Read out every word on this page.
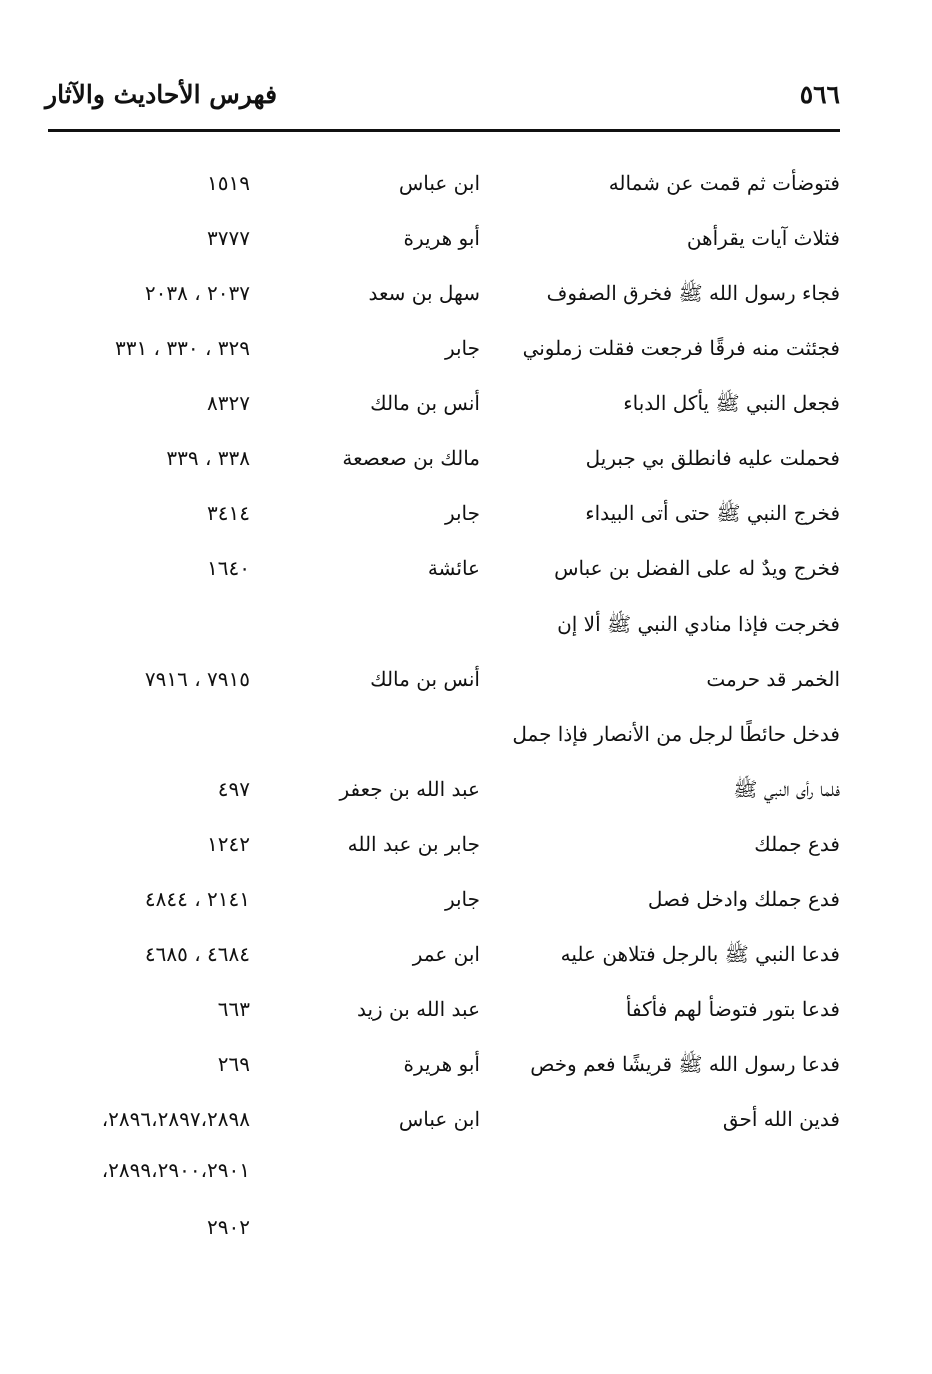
فهرس الأحاديث والآثار	٥٦٦
فتوضأت ثم قمت عن شماله
ابن عباس
١٥١٩
فثلاث آيات يقرأهن
أبو هريرة
٣٧٧٧
فجاء رسول الله ﷺ فخرق الصفوف
سهل بن سعد
٢٠٣٧ ، ٢٠٣٨
فجئثت منه فرقًا فرجعت فقلت زملوني
جابر
٣٢٩ ، ٣٣٠ ، ٣٣١
فجعل النبي ﷺ يأكل الدباء
أنس بن مالك
٨٣٢٧
فحملت عليه فانطلق بي جبريل
مالك بن صعصعة
٣٣٨ ، ٣٣٩
فخرج النبي ﷺ حتى أتى البيداء
جابر
٣٤١٤
فخرج ويدٌ له على الفضل بن عباس
عائشة
١٦٤٠
فخرجت فإذا منادي النبي ﷺ ألا إن
الخمر قد حرمت
أنس بن مالك
٧٩١٥ ، ٧٩١٦
فدخل حائطًا لرجل من الأنصار فإذا جمل
فلما رأى النبي ﷺ
عبد الله بن جعفر
٤٩٧
فدع جملك
جابر بن عبد الله
١٢٤٢
فدع جملك وادخل فصل
جابر
٢١٤١ ، ٤٨٤٤
فدعا النبي ﷺ بالرجل فتلاهن عليه
ابن عمر
٤٦٨٤ ، ٤٦٨٥
فدعا بتور فتوضأ لهم فأكفأ
عبد الله بن زيد
٦٦٣
فدعا رسول الله ﷺ قريشًا فعم وخص
أبو هريرة
٢٦٩
فدين الله أحق
ابن عباس
٢٨٩٦،٢٨٩٧،٢٨٩٨،
٢٨٩٩،٢٩٠٠،٢٩٠١،
٢٩٠٢
